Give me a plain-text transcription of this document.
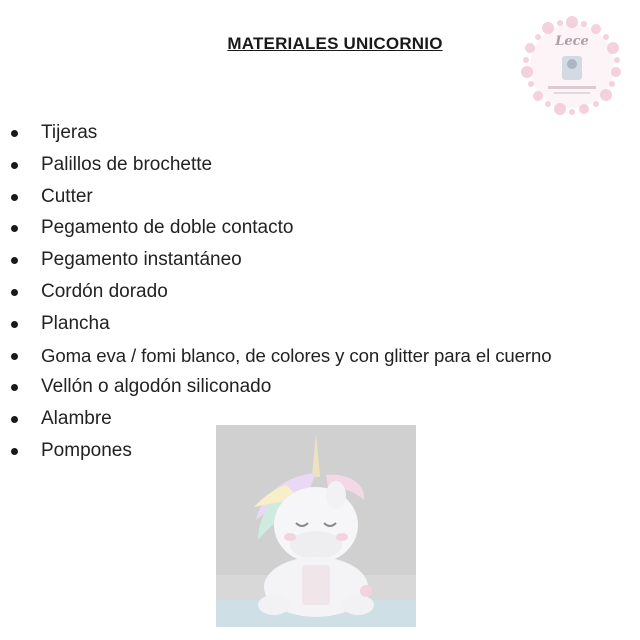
MATERIALES UNICORNIO	Lece
Tijeras
Palillos de brochette
Cutter
Pegamento de doble contacto
Pegamento instantáneo
Cordón dorado
Plancha
Goma eva / fomi blanco, de colores y con glitter para el cuerno
Vellón o algodón siliconado
Alambre
Pompones
